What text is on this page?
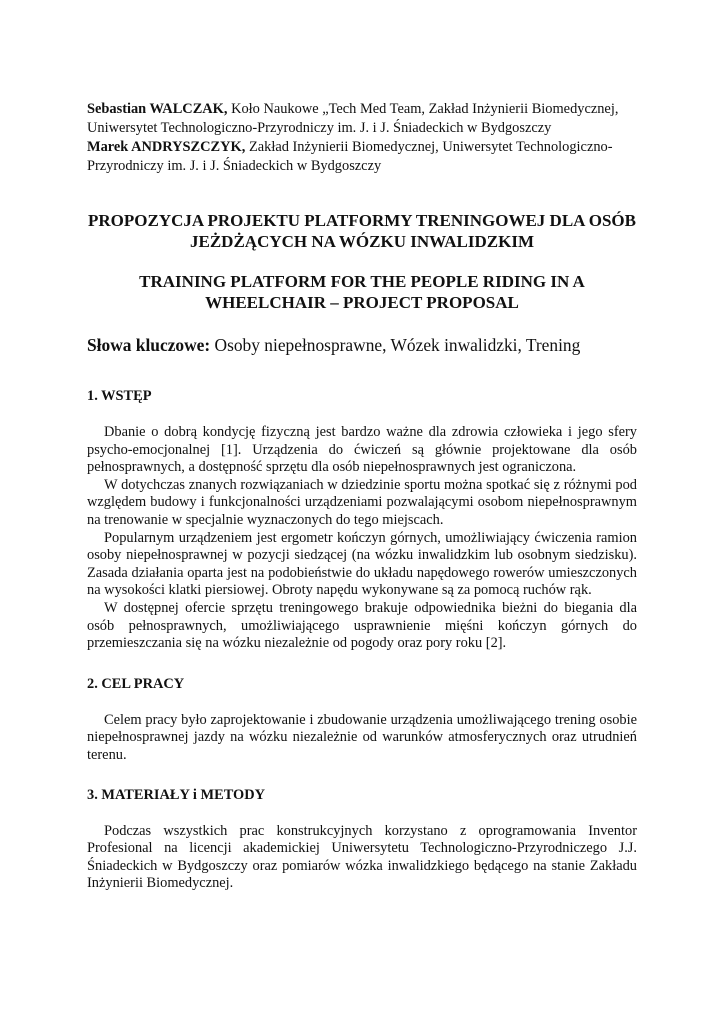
Sebastian WALCZAK, Koło Naukowe „Tech Med Team, Zakład Inżynierii Biomedycznej, Uniwersytet Technologiczno-Przyrodniczy im. J. i J. Śniadeckich w Bydgoszczy
Marek ANDRYSZCZYK, Zakład Inżynierii Biomedycznej, Uniwersytet Technologiczno-Przyrodniczy im. J. i J. Śniadeckich w Bydgoszczy
PROPOZYCJA PROJEKTU PLATFORMY TRENINGOWEJ DLA OSÓB JEŻDŻĄCYCH NA WÓZKU INWALIDZKIM
TRAINING PLATFORM FOR THE PEOPLE RIDING IN A WHEELCHAIR – PROJECT PROPOSAL
Słowa kluczowe: Osoby niepełnosprawne, Wózek inwalidzki, Trening
1. WSTĘP

Dbanie o dobrą kondycję fizyczną jest bardzo ważne dla zdrowia człowieka i jego sfery psycho-emocjonalnej [1]. Urządzenia do ćwiczeń są głównie projektowane dla osób pełnosprawnych, a dostępność sprzętu dla osób niepełnosprawnych jest ograniczona.

W dotychczas znanych rozwiązaniach w dziedzinie sportu można spotkać się z różnymi pod względem budowy i funkcjonalności urządzeniami pozwalającymi osobom niepełnosprawnym na trenowanie w specjalnie wyznaczonych do tego miejscach.

Popularnym urządzeniem jest ergometr kończyn górnych, umożliwiający ćwiczenia ramion osoby niepełnosprawnej w pozycji siedzącej (na wózku inwalidzkim lub osobnym siedzisku). Zasada działania oparta jest na podobieństwie do układu napędowego rowerów umieszczonych na wysokości klatki piersiowej. Obroty napędu wykonywane są za pomocą ruchów rąk.

W dostępnej ofercie sprzętu treningowego brakuje odpowiednika bieżni do biegania dla osób pełnosprawnych, umożliwiającego usprawnienie mięśni kończyn górnych do przemieszczania się na wózku niezależnie od pogody oraz pory roku [2].

2. CEL PRACY

Celem pracy było zaprojektowanie i zbudowanie urządzenia umożliwającego trening osobie niepełnosprawnej jazdy na wózku niezależnie od warunków atmosferycznych oraz utrudnień terenu.

3. MATERIAŁY i METODY

Podczas wszystkich prac konstrukcyjnych korzystano z oprogramowania Inventor Profesional na licencji akademickiej Uniwersytetu Technologiczno-Przyrodniczego J.J. Śniadeckich w Bydgoszczy oraz pomiarów wózka inwalidzkiego będącego na stanie Zakładu Inżynierii Biomedycznej.
